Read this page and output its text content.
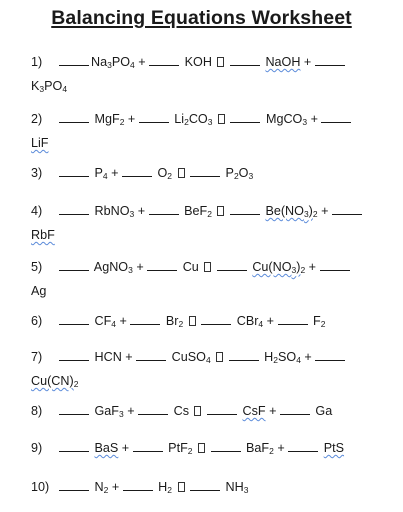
Balancing Equations Worksheet
1)	$Na_3PO_4$ +	KOH	NaOH +
$K_3PO_4$
2)	MgF$_2$ +	$Li_2CO_3$	MgCO$_3$ +
LiF
3)	$P_4$ +	$O_2$	$P_2O_3$
4)	RbNO$_3$ +	BeF$_2$	$Be(NO_3)_2$ +
RbF
5)	AgNO$_3$ +	Cu	$Cu(NO_3)_2$ +
Ag
6)	$CF_4$ +	$Br_2$	CBr$_4$ +	$F_2$
7)	HCN +	CuSO$_4$	$H_2SO_4$ +
$Cu(CN)_2$
8)	GaF$_3$ +	Cs	CsF +	Ga
9)	BaS +	PtF$_2$	BaF$_2$ +	PtS
10)	$N_2$ +	$H_2$	$NH_3$
